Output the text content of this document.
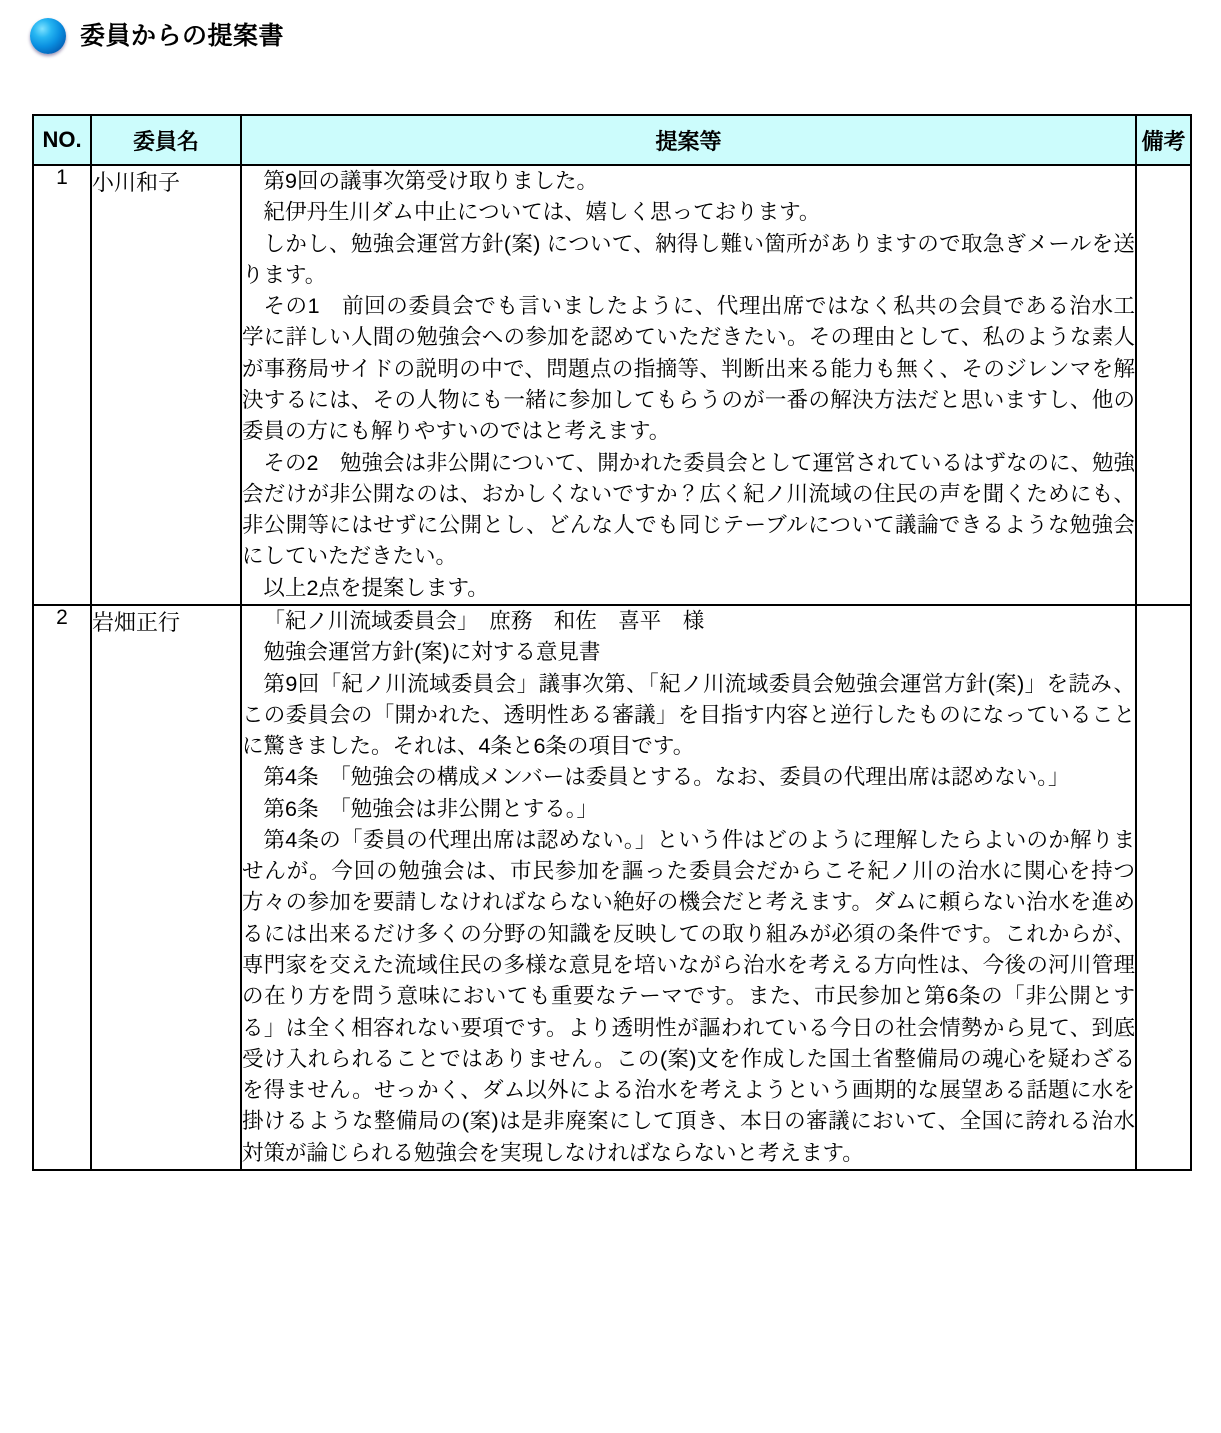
委員からの提案書
NO.	委員名	提案等	備考
1	小川和子	第9回の議事次第受け取りました。

紀伊丹生川ダム中止については、嬉しく思っております。

しかし、勉強会運営方針(案) について、納得し難い箇所がありますので取急ぎメールを送ります。

その1　前回の委員会でも言いましたように、代理出席ではなく私共の会員である治水工学に詳しい人間の勉強会への参加を認めていただきたい。その理由として、私のような素人が事務局サイドの説明の中で、問題点の指摘等、判断出来る能力も無く、そのジレンマを解決するには、その人物にも一緒に参加してもらうのが一番の解決方法だと思いますし、他の委員の方にも解りやすいのではと考えます。

その2　勉強会は非公開について、開かれた委員会として運営されているはずなのに、勉強会だけが非公開なのは、おかしくないですか？広く紀ノ川流域の住民の声を聞くためにも、非公開等にはせずに公開とし、どんな人でも同じテーブルについて議論できるような勉強会にしていただきたい。

以上2点を提案します。

2	岩畑正行	「紀ノ川流域委員会」　庶務　和佐　喜平　様

勉強会運営方針(案)に対する意見書

第9回「紀ノ川流域委員会」議事次第、「紀ノ川流域委員会勉強会運営方針(案)」を読み、この委員会の「開かれた、透明性ある審議」を目指す内容と逆行したものになっていることに驚きました。それは、4条と6条の項目です。

第4条　「勉強会の構成メンバーは委員とする。なお、委員の代理出席は認めない。」

第6条　「勉強会は非公開とする。」

第4条の「委員の代理出席は認めない。」という件はどのように理解したらよいのか解りませんが。今回の勉強会は、市民参加を謳った委員会だからこそ紀ノ川の治水に関心を持つ方々の参加を要請しなければならない絶好の機会だと考えます。ダムに頼らない治水を進めるには出来るだけ多くの分野の知識を反映しての取り組みが必須の条件です。これからが、専門家を交えた流域住民の多様な意見を培いながら治水を考える方向性は、今後の河川管理の在り方を問う意味においても重要なテーマです。また、市民参加と第6条の「非公開とする」は全く相容れない要項です。より透明性が謳われている今日の社会情勢から見て、到底受け入れられることではありません。この(案)文を作成した国土省整備局の魂心を疑わざるを得ません。せっかく、ダム以外による治水を考えようという画期的な展望ある話題に水を掛けるような整備局の(案)は是非廃案にして頂き、本日の審議において、全国に誇れる治水対策が論じられる勉強会を実現しなければならないと考えます。
